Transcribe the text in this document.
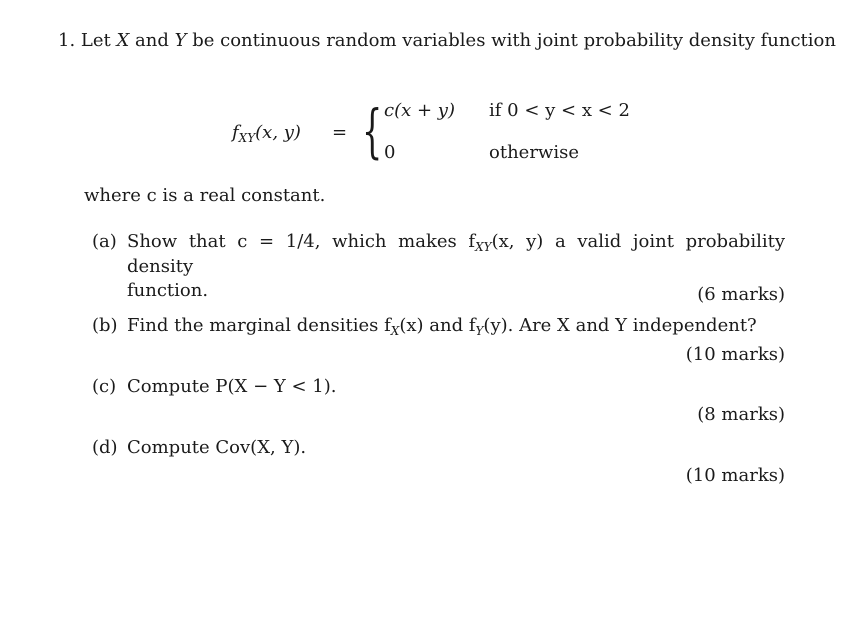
1. Let X and Y be continuous random variables with joint probability density function
$f_{XY}(x$, y) = { c(x + y) if 0 < y < x < 2
0	otherwise
where c is a real constant.
(a) Show that c = 1/4, which makes $f_{XY}(x$, y) a valid joint probability density
function.	(6 marks)
(b) Find the marginal densities $f_X(x)$ and $f_Y(y)$. Are X and Y independent?
(10 marks)
(c) Compute P(X − Y < 1).
(8 marks)
(d) Compute Cov(X, Y).
(10 marks)
